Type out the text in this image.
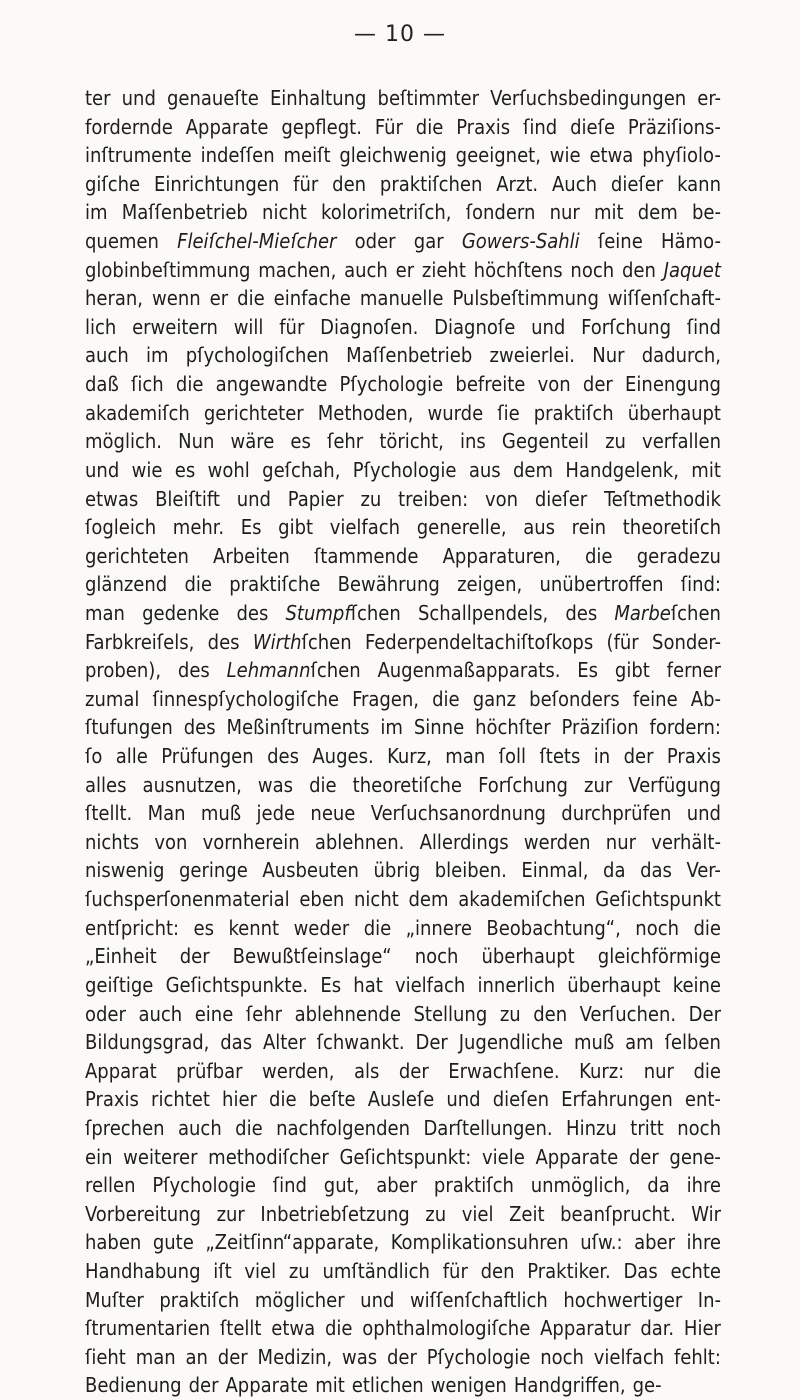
— 10 —
ter und genaueſte Einhaltung beſtimmter Verſuchsbedingungen er-
fordernde Apparate gepflegt. Für die Praxis ſind dieſe Präziſions-
inſtrumente indeſſen meiſt gleichwenig geeignet, wie etwa phyſiolo-
giſche Einrichtungen für den praktiſchen Arzt. Auch dieſer kann
im Maſſenbetrieb nicht kolorimetriſch, ſondern nur mit dem be-
quemen Fleiſchel-Mieſcher oder gar Gowers-Sahli ſeine Hämo-
globinbeſtimmung machen, auch er zieht höchſtens noch den Jaquet
heran, wenn er die einfache manuelle Pulsbeſtimmung wiſſenſchaft-
lich erweitern will für Diagnoſen. Diagnoſe und Forſchung ſind
auch im pſychologiſchen Maſſenbetrieb zweierlei. Nur dadurch,
daß ſich die angewandte Pſychologie befreite von der Einengung
akademiſch gerichteter Methoden, wurde ſie praktiſch überhaupt
möglich. Nun wäre es ſehr töricht, ins Gegenteil zu verfallen
und wie es wohl geſchah, Pſychologie aus dem Handgelenk, mit
etwas Bleiſtift und Papier zu treiben: von dieſer Teſtmethodik
ſogleich mehr. Es gibt vielfach generelle, aus rein theoretiſch
gerichteten Arbeiten ſtammende Apparaturen, die geradezu
glänzend die praktiſche Bewährung zeigen, unübertroffen ſind:
man gedenke des Stumpfſchen Schallpendels, des Marbeſchen
Farbkreiſels, des Wirthſchen Federpendeltachiſtoſkops (für Sonder-
proben), des Lehmannſchen Augenmaßapparats. Es gibt ferner
zumal ſinnespſychologiſche Fragen, die ganz beſonders feine Ab-
ſtufungen des Meßinſtruments im Sinne höchſter Präziſion fordern:
ſo alle Prüfungen des Auges. Kurz, man ſoll ſtets in der Praxis
alles ausnutzen, was die theoretiſche Forſchung zur Verfügung
ſtellt. Man muß jede neue Verſuchsanordnung durchprüfen und
nichts von vornherein ablehnen. Allerdings werden nur verhält-
niswenig geringe Ausbeuten übrig bleiben. Einmal, da das Ver-
ſuchsperſonenmaterial eben nicht dem akademiſchen Geſichtspunkt
entſpricht: es kennt weder die „innere Beobachtung“, noch die
„Einheit der Bewußtſeinslage“ noch überhaupt gleichförmige
geiſtige Geſichtspunkte. Es hat vielfach innerlich überhaupt keine
oder auch eine ſehr ablehnende Stellung zu den Verſuchen. Der
Bildungsgrad, das Alter ſchwankt. Der Jugendliche muß am ſelben
Apparat prüfbar werden, als der Erwachſene. Kurz: nur die
Praxis richtet hier die beſte Ausleſe und dieſen Erfahrungen ent-
ſprechen auch die nachfolgenden Darſtellungen. Hinzu tritt noch
ein weiterer methodiſcher Geſichtspunkt: viele Apparate der gene-
rellen Pſychologie ſind gut, aber praktiſch unmöglich, da ihre
Vorbereitung zur Inbetriebſetzung zu viel Zeit beanſprucht. Wir
haben gute „Zeitſinn“apparate, Komplikationsuhren uſw.: aber ihre
Handhabung iſt viel zu umſtändlich für den Praktiker. Das echte
Muſter praktiſch möglicher und wiſſenſchaftlich hochwertiger In-
ſtrumentarien ſtellt etwa die ophthalmologiſche Apparatur dar. Hier
ſieht man an der Medizin, was der Pſychologie noch vielfach fehlt:
Bedienung der Apparate mit etlichen wenigen Handgriffen, ge-
